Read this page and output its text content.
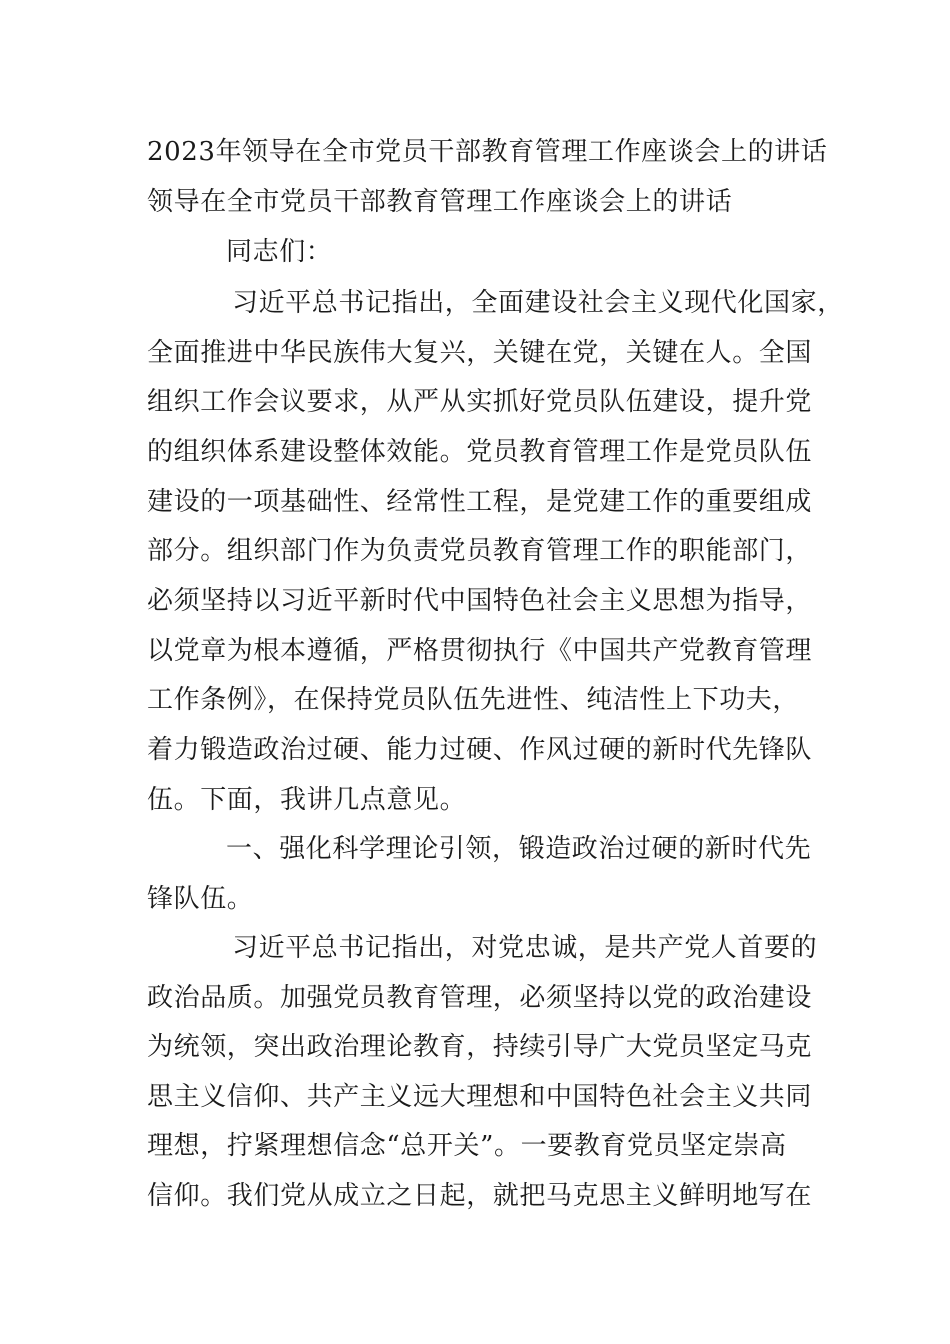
2023年领导在全市党员干部教育管理工作座谈会上的讲话
领导在全市党员干部教育管理工作座谈会上的讲话
同志们：
习近平总书记指出，全面建设社会主义现代化国家，
全面推进中华民族伟大复兴，关键在党，关键在人。全国
组织工作会议要求，从严从实抓好党员队伍建设，提升党
的组织体系建设整体效能。党员教育管理工作是党员队伍
建设的一项基础性、经常性工程，是党建工作的重要组成
部分。组织部门作为负责党员教育管理工作的职能部门，
必须坚持以习近平新时代中国特色社会主义思想为指导，
以党章为根本遵循，严格贯彻执行《中国共产党教育管理
工作条例》，在保持党员队伍先进性、纯洁性上下功夫，
着力锻造政治过硬、能力过硬、作风过硬的新时代先锋队
伍。下面，我讲几点意见。
一、强化科学理论引领，锻造政治过硬的新时代先
锋队伍。
习近平总书记指出，对党忠诚，是共产党人首要的
政治品质。加强党员教育管理，必须坚持以党的政治建设
为统领，突出政治理论教育，持续引导广大党员坚定马克
思主义信仰、共产主义远大理想和中国特色社会主义共同
理想，拧紧理想信念“总开关”。一要教育党员坚定崇高
信仰。我们党从成立之日起，就把马克思主义鲜明地写在
